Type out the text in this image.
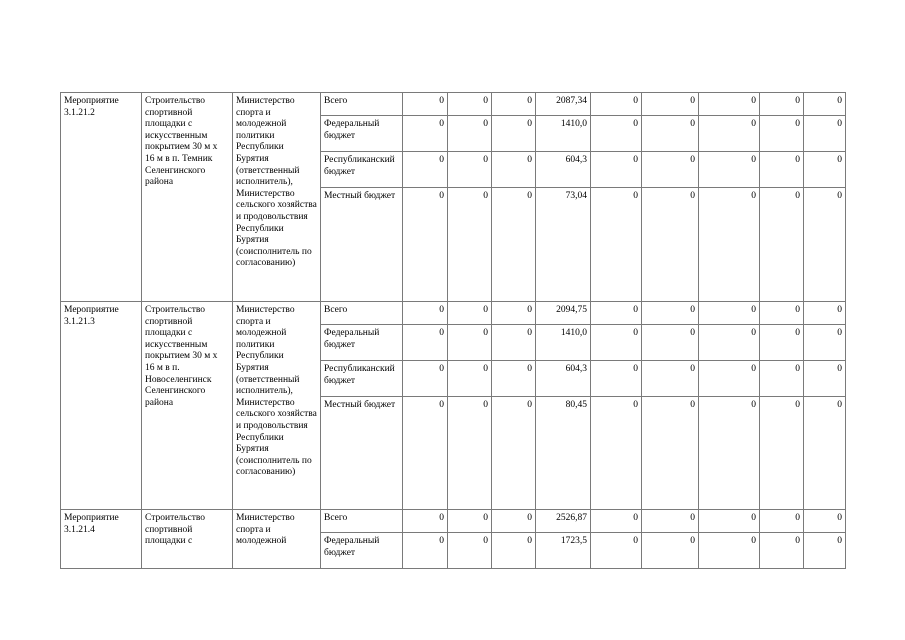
Мероприятие 3.1.21.2	Строительство спортивной площадки с искусственным покрытием 30 м х 16 м в п. Темник Селенгинского района	Министерство спорта и молодежной политики Республики Бурятия (ответственный исполнитель), Министерство сельского хозяйства и продовольствия Республики Бурятия (соисполнитель по согласованию)	Всего	0	0	0	2087,34	0	0	0	0	0
			Федеральный бюджет	0	0	0	1410,0	0	0	0	0	0
			Республиканский бюджет	0	0	0	604,3	0	0	0	0	0
			Местный бюджет	0	0	0	73,04	0	0	0	0	0
Мероприятие 3.1.21.3	Строительство спортивной площадки с искусственным покрытием 30 м х 16 м в п. Новоселенгинск Селенгинского района	Министерство спорта и молодежной политики Республики Бурятия (ответственный исполнитель), Министерство сельского хозяйства и продовольствия Республики Бурятия (соисполнитель по согласованию)	Всего	0	0	0	2094,75	0	0	0	0	0
			Федеральный бюджет	0	0	0	1410,0	0	0	0	0	0
			Республиканский бюджет	0	0	0	604,3	0	0	0	0	0
			Местный бюджет	0	0	0	80,45	0	0	0	0	0
Мероприятие 3.1.21.4	Строительство спортивной площадки с	Министерство спорта и молодежной	Всего	0	0	0	2526,87	0	0	0	0	0
			Федеральный бюджет	0	0	0	1723,5	0	0	0	0	0
